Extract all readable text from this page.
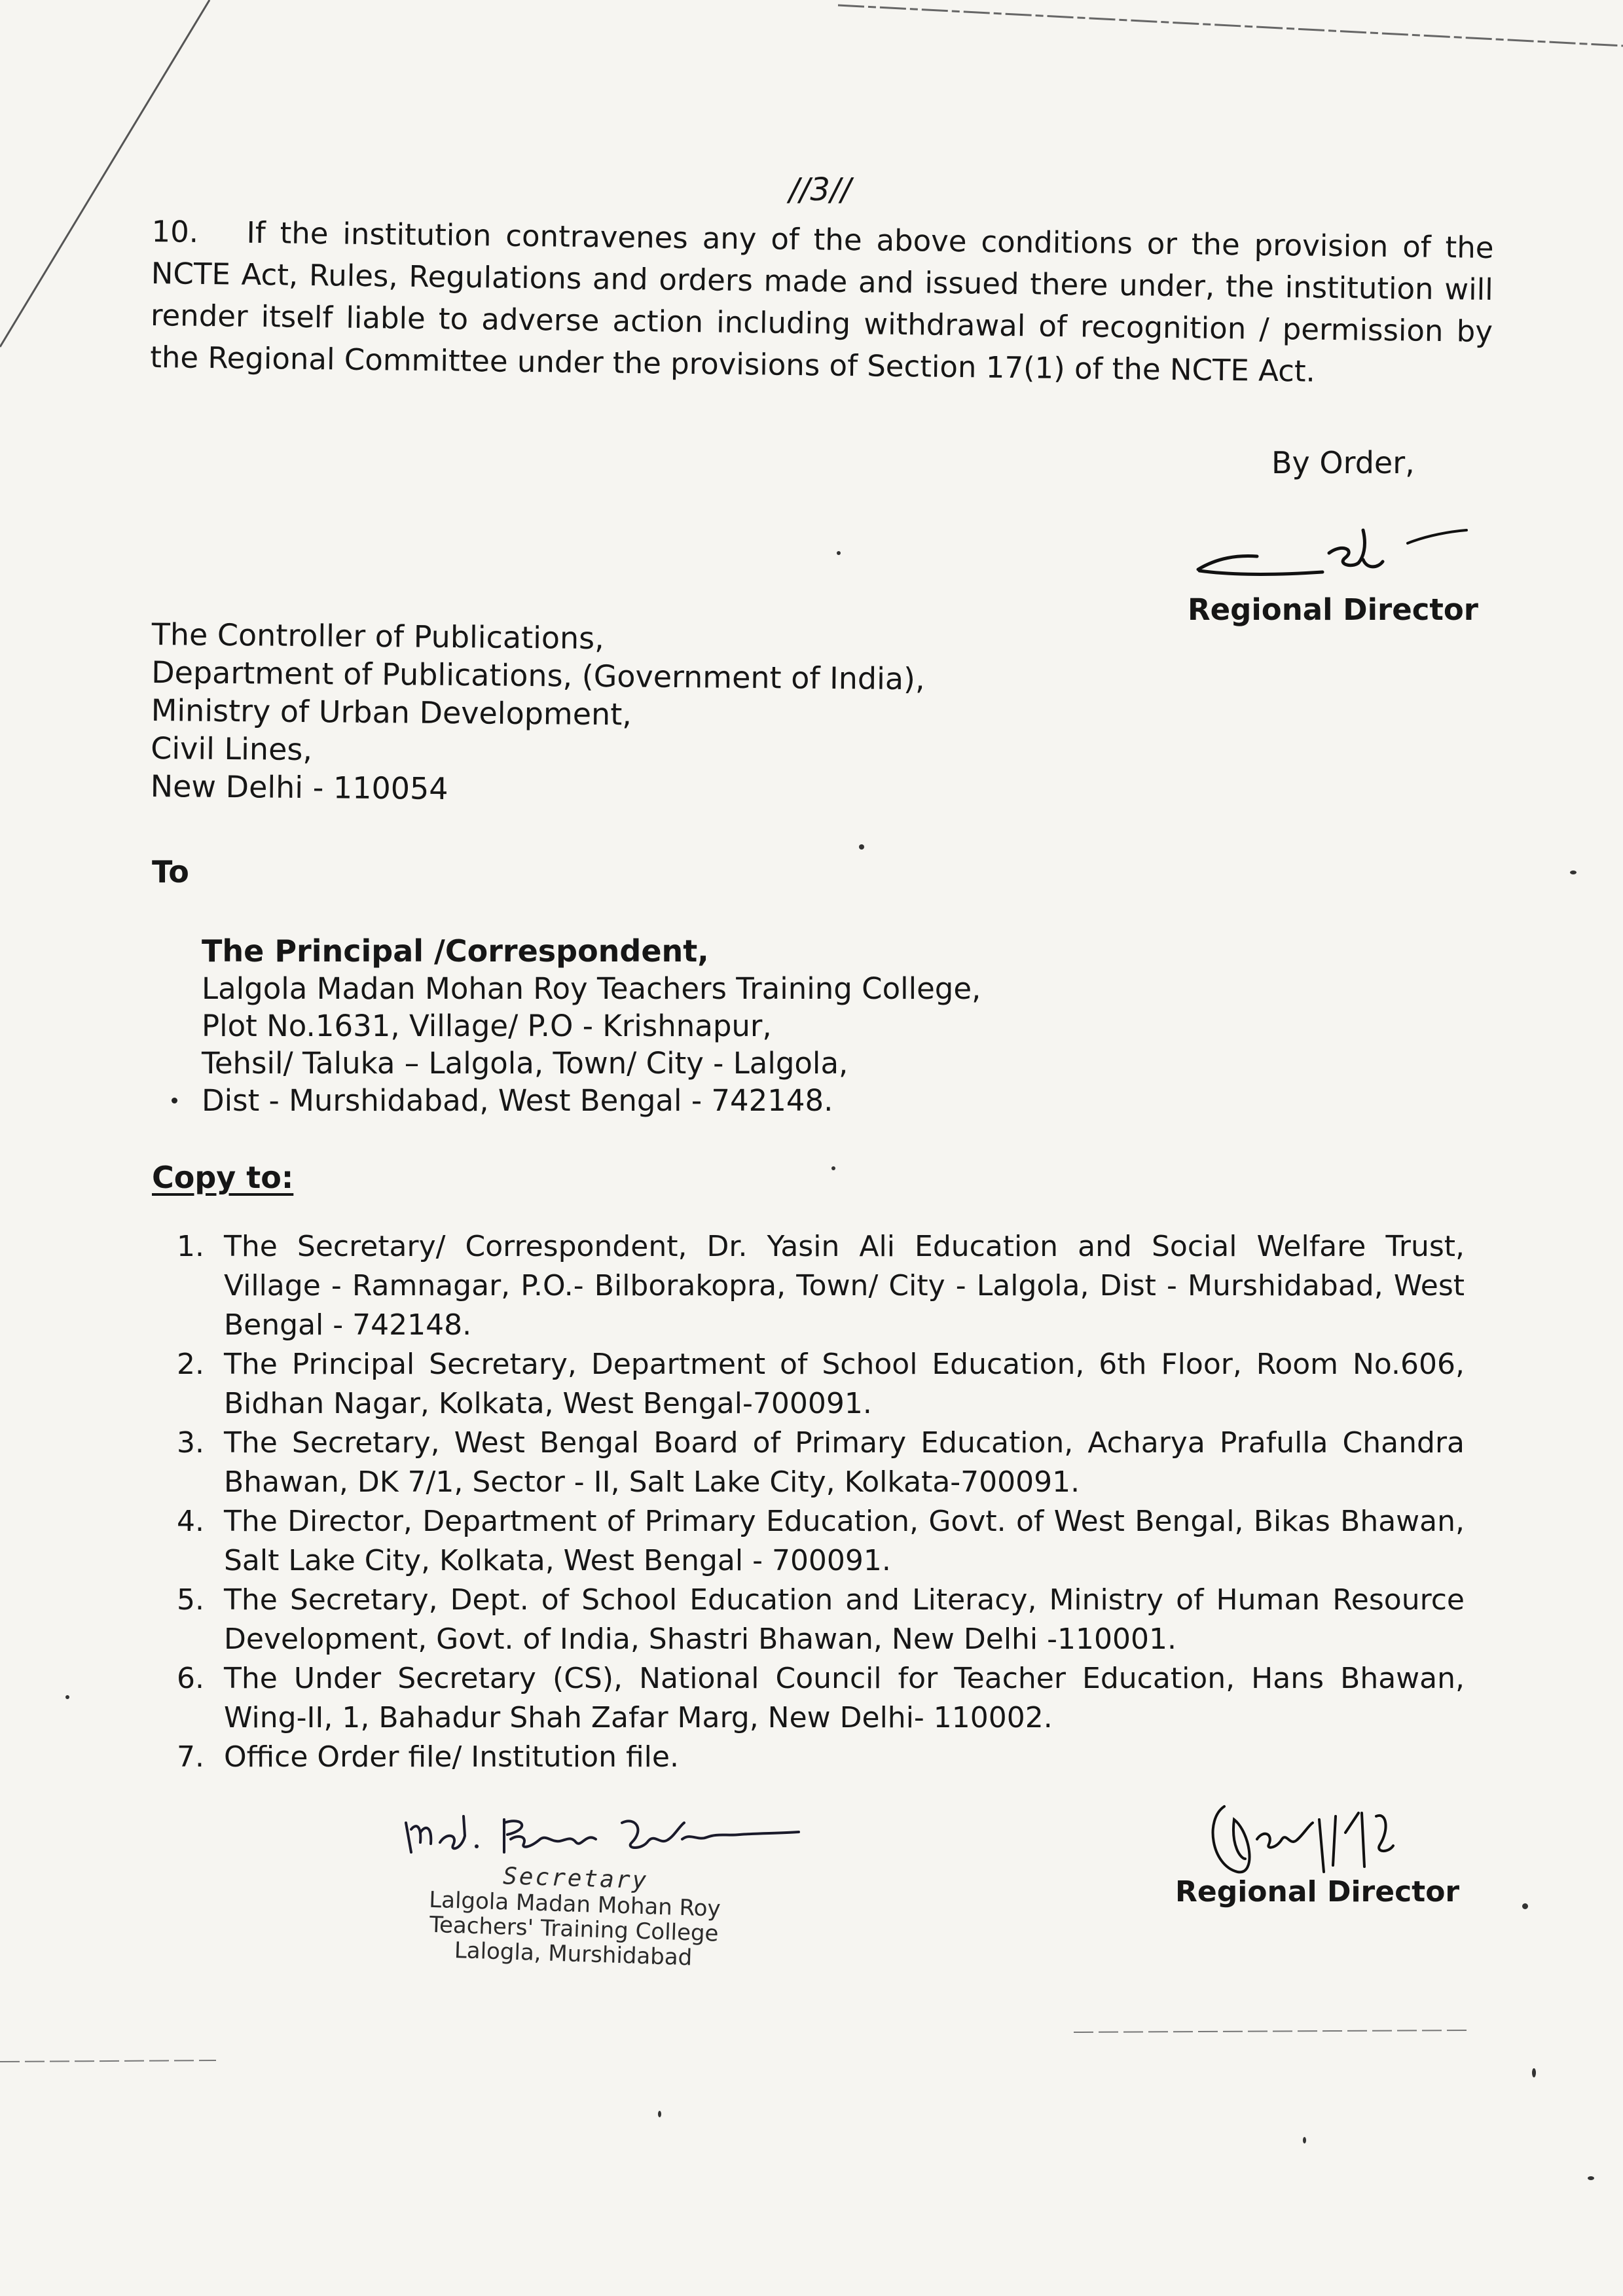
//3//
10. If the institution contravenes any of the above conditions or the provision of the NCTE Act, Rules, Regulations and orders made and issued there under, the institution will render itself liable to adverse action including withdrawal of recognition / permission by the Regional Committee under the provisions of Section 17(1) of the NCTE Act.
By Order,
Regional Director
The Controller of Publications,
Department of Publications, (Government of India),
Ministry of Urban Development,
Civil Lines,
New Delhi - 110054
To
The Principal /Correspondent,
Lalgola Madan Mohan Roy Teachers Training College,
Plot No.1631, Village/ P.O - Krishnapur,
Tehsil/ Taluka – Lalgola, Town/ City - Lalgola,
Dist - Murshidabad, West Bengal - 742148.
Copy to:
1. The Secretary/ Correspondent, Dr. Yasin Ali Education and Social Welfare Trust, Village - Ramnagar, P.O.- Bilborakopra, Town/ City - Lalgola, Dist - Murshidabad, West Bengal - 742148.
2. The Principal Secretary, Department of School Education, 6th Floor, Room No.606, Bidhan Nagar, Kolkata, West Bengal-700091.
3. The Secretary, West Bengal Board of Primary Education, Acharya Prafulla Chandra Bhawan, DK 7/1, Sector - II, Salt Lake City, Kolkata-700091.
4. The Director, Department of Primary Education, Govt. of West Bengal, Bikas Bhawan, Salt Lake City, Kolkata, West Bengal - 700091.
5. The Secretary, Dept. of School Education and Literacy, Ministry of Human Resource Development, Govt. of India, Shastri Bhawan, New Delhi -110001.
6. The Under Secretary (CS), National Council for Teacher Education, Hans Bhawan, Wing-II, 1, Bahadur Shah Zafar Marg, New Delhi- 110002.
7. Office Order file/ Institution file.
Secretary
Lalgola Madan Mohan Roy
Teachers' Training College
Lalogla, Murshidabad
Regional Director
